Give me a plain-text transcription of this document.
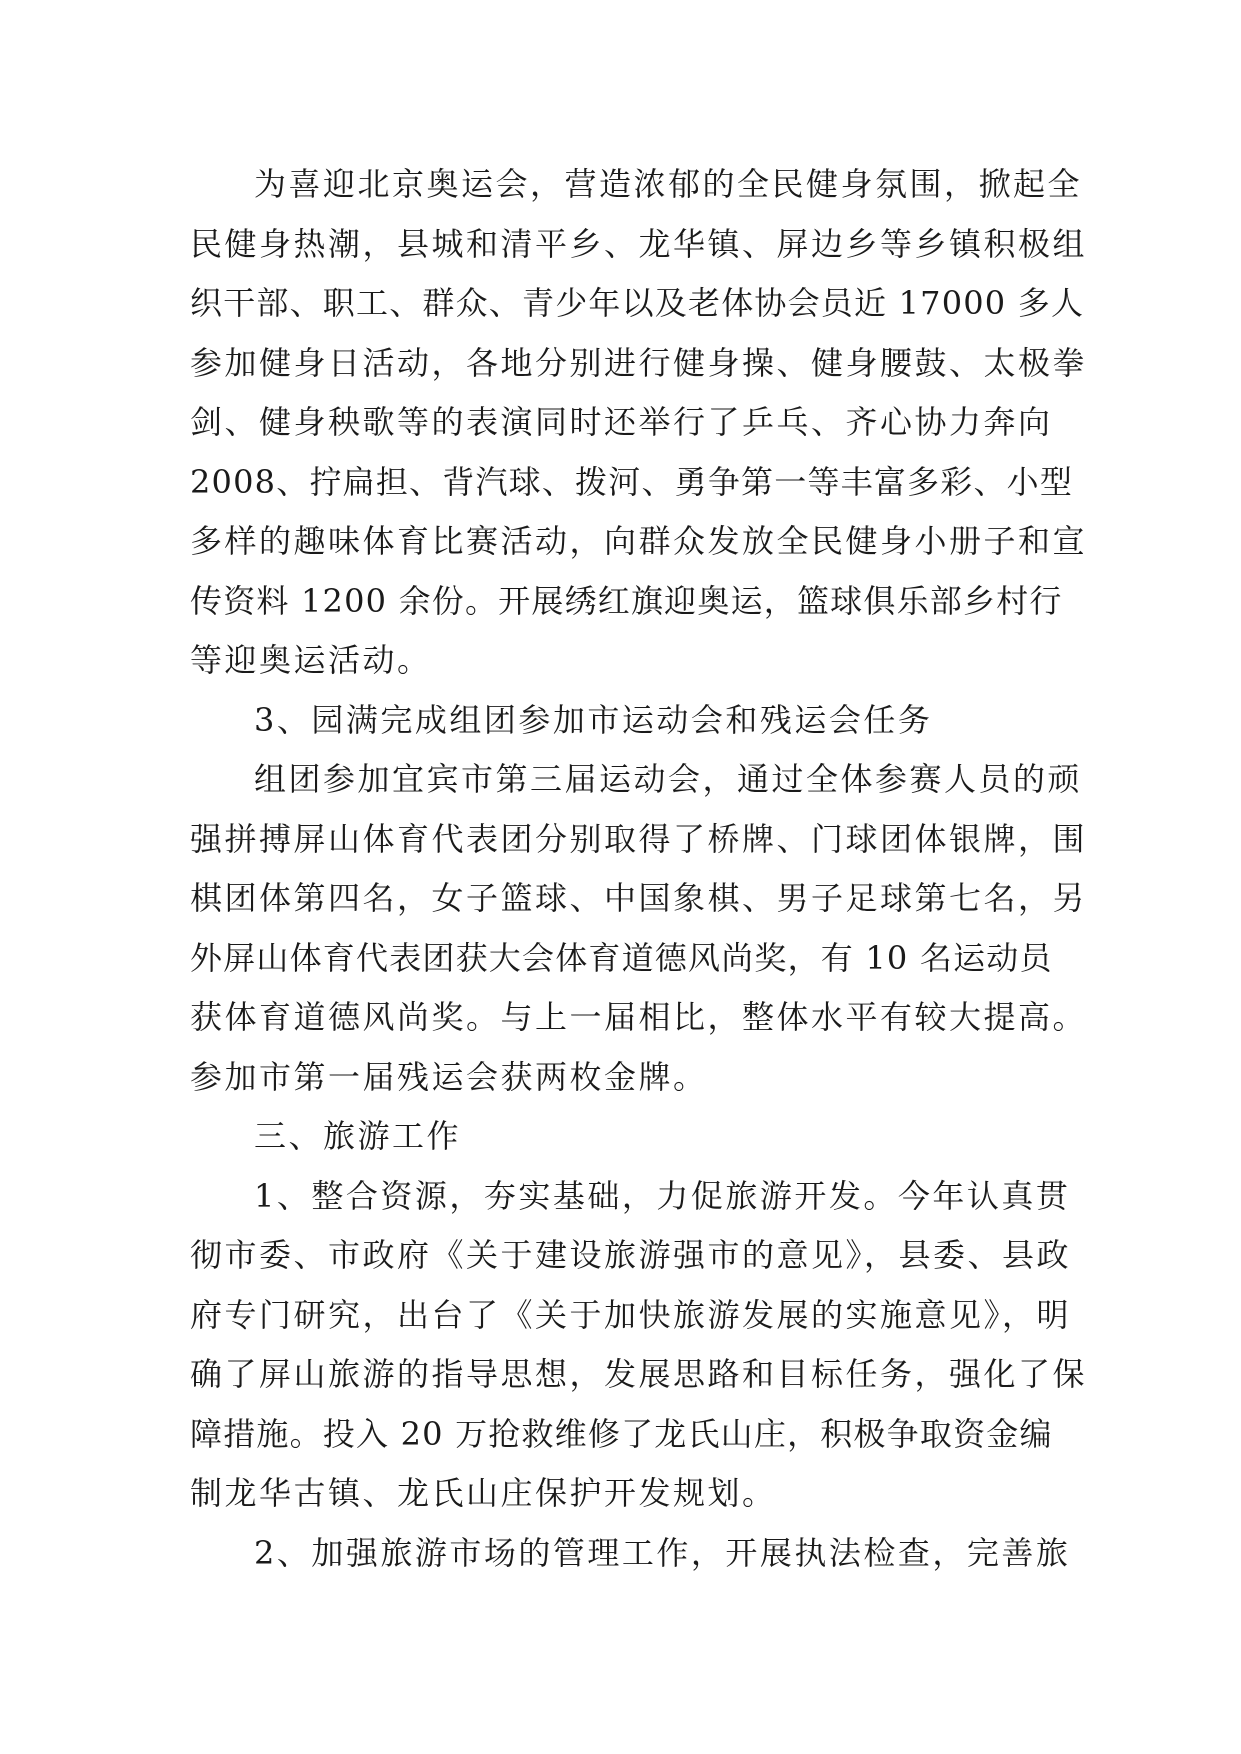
为喜迎北京奥运会，营造浓郁的全民健身氛围，掀起全
民健身热潮，县城和清平乡、龙华镇、屏边乡等乡镇积极组
织干部、职工、群众、青少年以及老体协会员近 17000 多人
参加健身日活动，各地分别进行健身操、健身腰鼓、太极拳
剑、健身秧歌等的表演同时还举行了乒乓、齐心协力奔向
2008、拧扁担、背汽球、拨河、勇争第一等丰富多彩、小型
多样的趣味体育比赛活动，向群众发放全民健身小册子和宣
传资料 1200 余份。开展绣红旗迎奥运，篮球俱乐部乡村行
等迎奥运活动。
3、园满完成组团参加市运动会和残运会任务
组团参加宜宾市第三届运动会，通过全体参赛人员的顽
强拼搏屏山体育代表团分别取得了桥牌、门球团体银牌，围
棋团体第四名，女子篮球、中国象棋、男子足球第七名，另
外屏山体育代表团获大会体育道德风尚奖，有 10 名运动员
获体育道德风尚奖。与上一届相比，整体水平有较大提高。
参加市第一届残运会获两枚金牌。
三、旅游工作
1、整合资源，夯实基础，力促旅游开发。今年认真贯
彻市委、市政府《关于建设旅游强市的意见》，县委、县政
府专门研究，出台了《关于加快旅游发展的实施意见》，明
确了屏山旅游的指导思想，发展思路和目标任务，强化了保
障措施。投入 20 万抢救维修了龙氏山庄，积极争取资金编
制龙华古镇、龙氏山庄保护开发规划。
2、加强旅游市场的管理工作，开展执法检查，完善旅
